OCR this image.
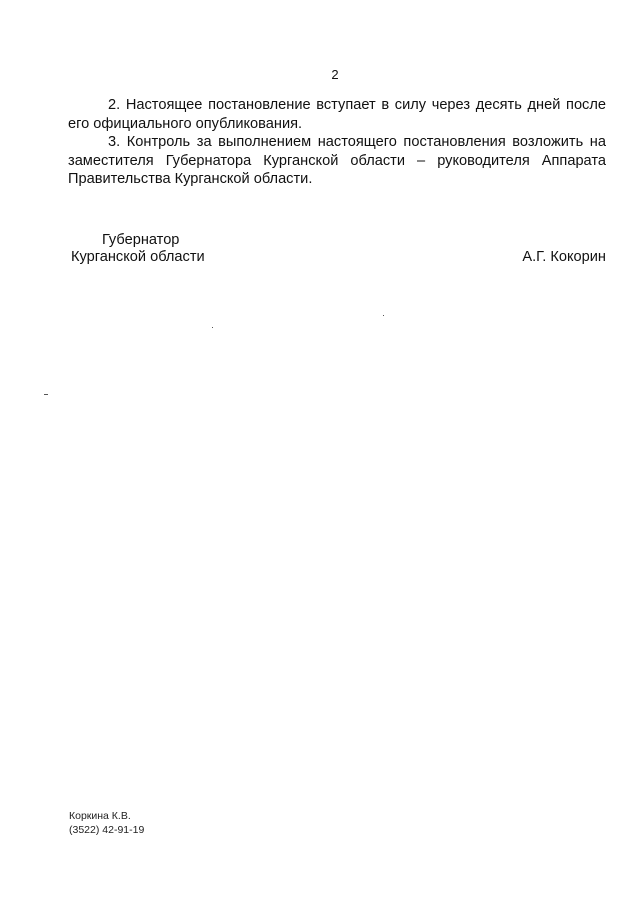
2

2. Настоящее постановление вступает в силу через десять дней после его официального опубликования.

3. Контроль за выполнением настоящего постановления возложить на заместителя Губернатора Курганской области – руководителя Аппарата Правительства Курганской области.

Губернатор
Курганской области	А.Г. Кокорин
Коркина К.В.
(3522) 42-91-19
